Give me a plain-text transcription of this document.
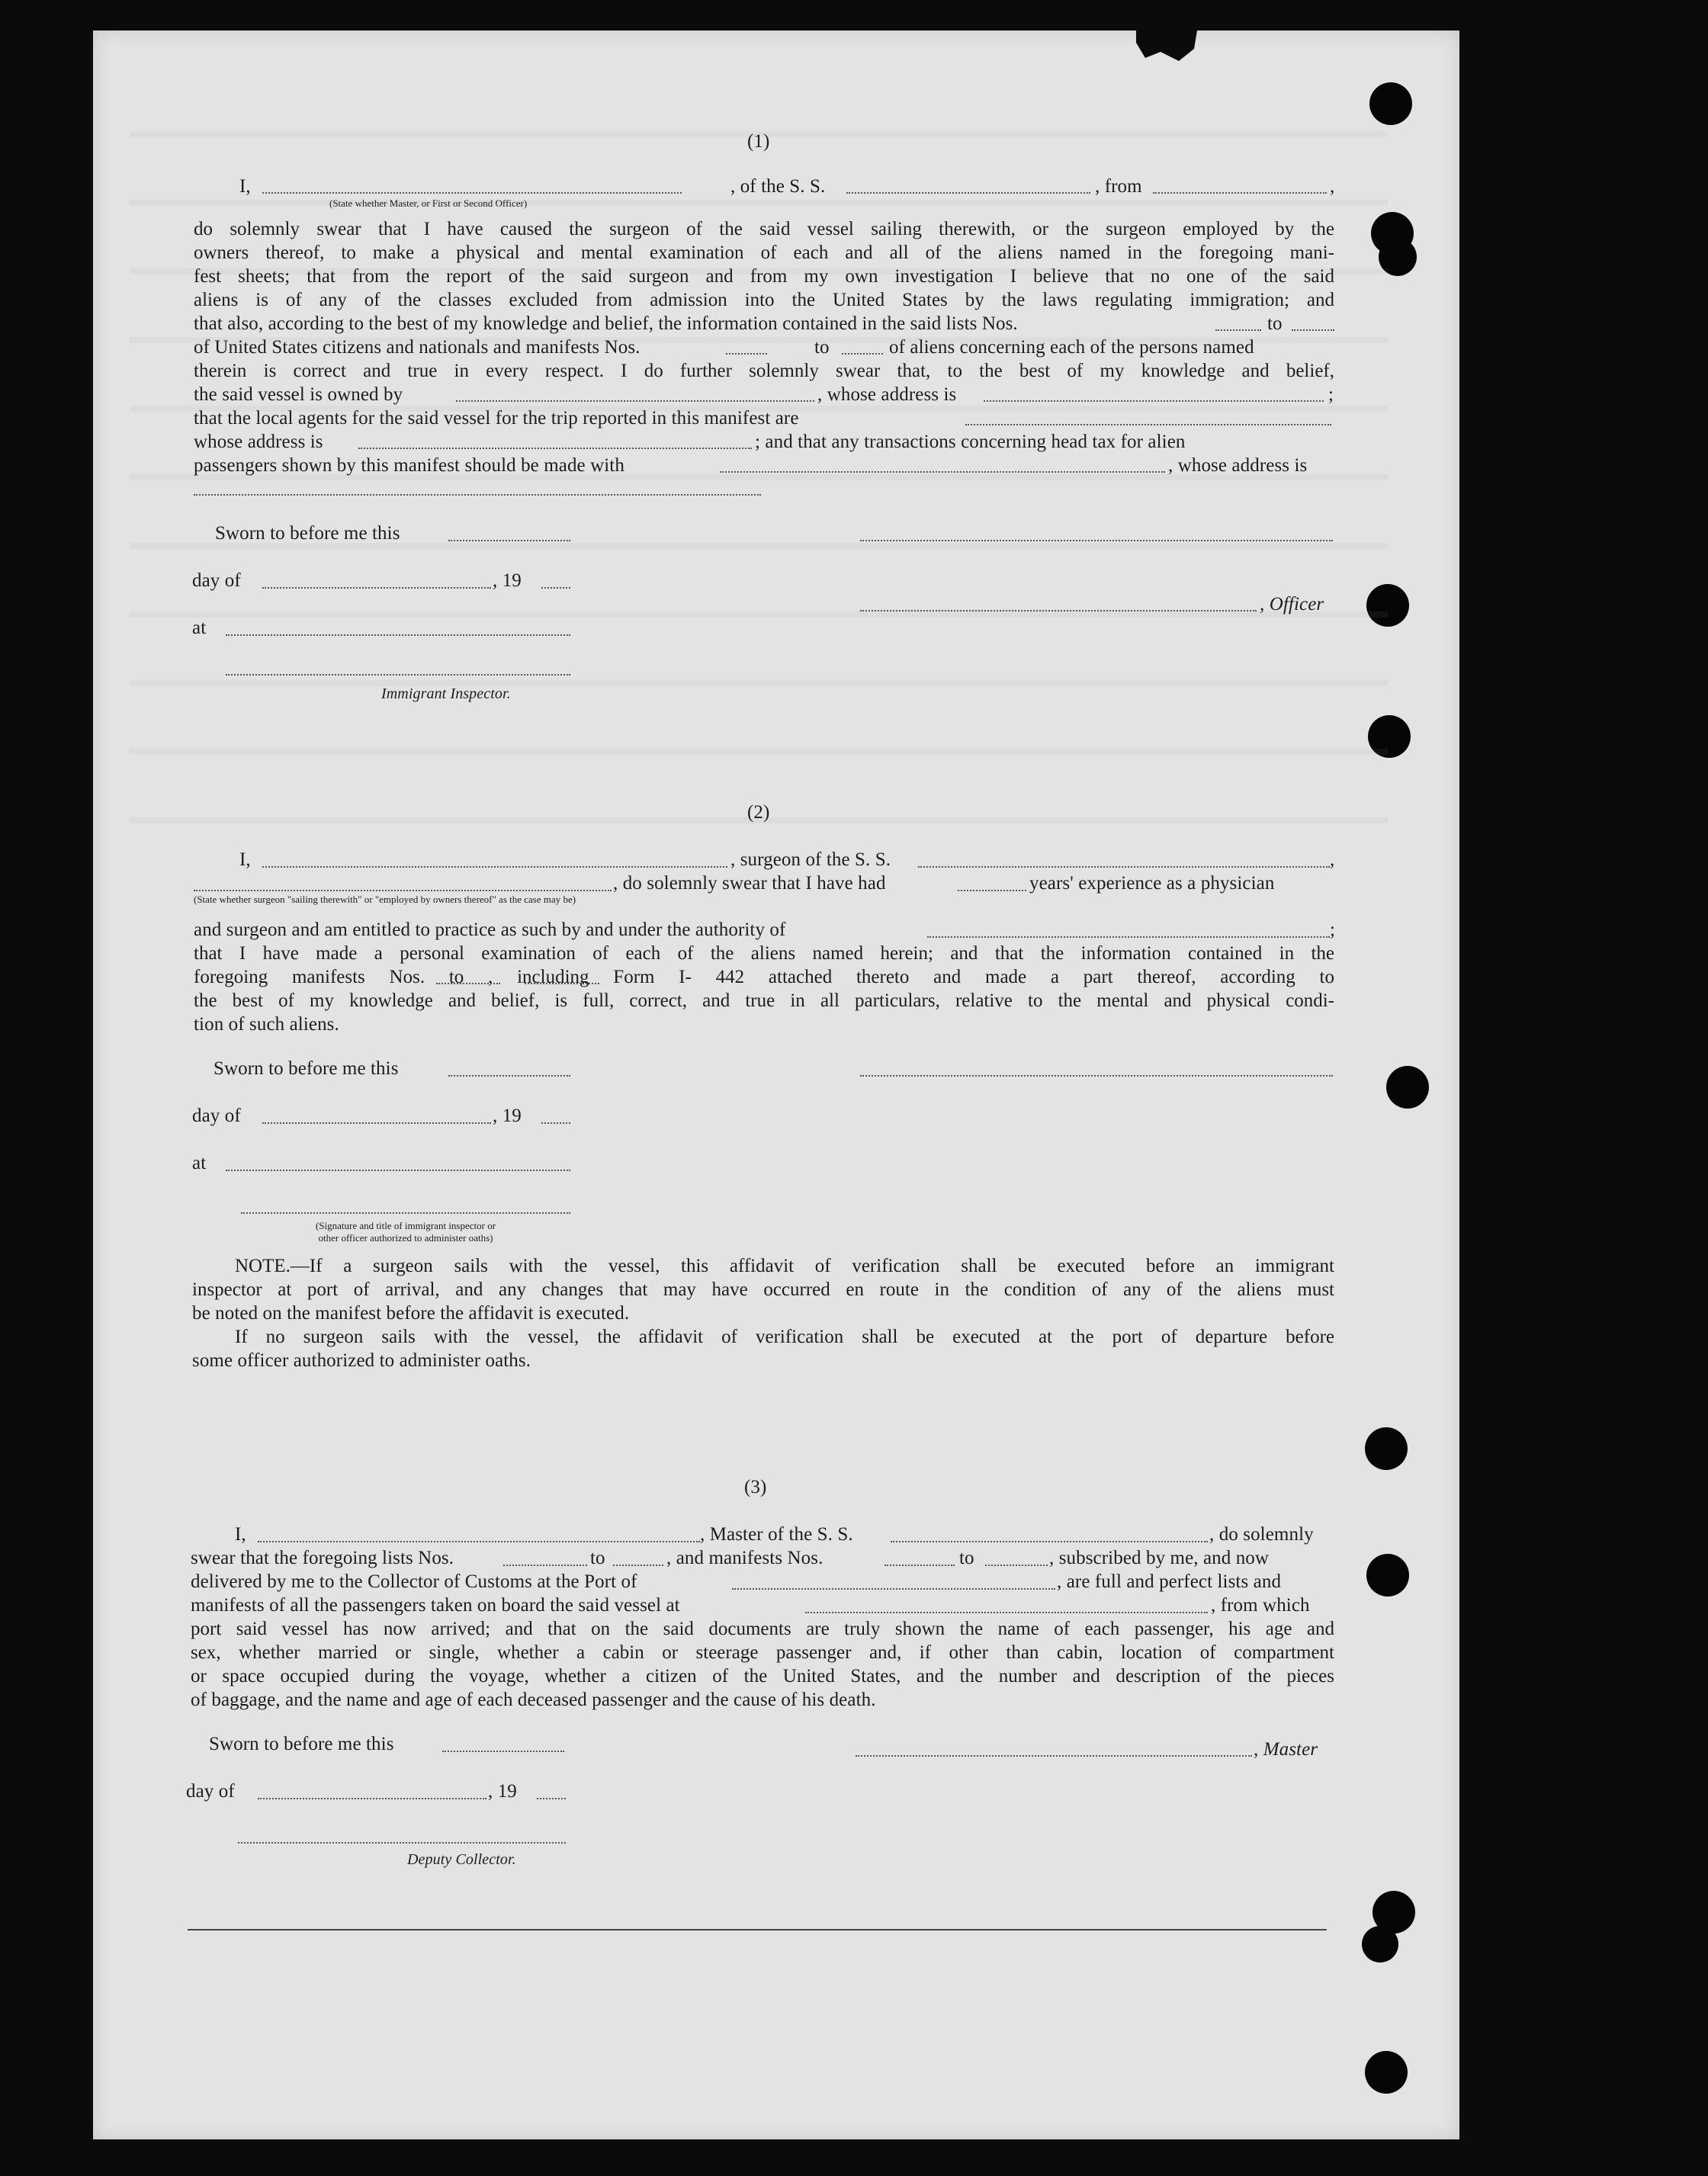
(1)
I,	, of the S. S.	, from	,
(State whether Master, or First or Second Officer)
do solemnly swear that I have caused the surgeon of the said vessel sailing therewith, or the surgeon employed by the
owners thereof, to make a physical and mental examination of each and all of the aliens named in the foregoing mani-
fest sheets; that from the report of the said surgeon and from my own investigation I believe that no one of the said
aliens is of any of the classes excluded from admission into the United States by the laws regulating immigration; and
that also, according to the best of my knowledge and belief, the information contained in the said lists Nos.	to
of United States citizens and nationals and manifests Nos.	to	of aliens concerning each of the persons named
therein is correct and true in every respect. I do further solemnly swear that, to the best of my knowledge and belief,
the said vessel is owned by	, whose address is	;
that the local agents for the said vessel for the trip reported in this manifest are
whose address is	; and that any transactions concerning head tax for alien
passengers shown by this manifest should be made with	, whose address is
Sworn to before me this
day of	, 19
, Officer
at
Immigrant Inspector.
(2)
I,	, surgeon of the S. S.	,
, do solemnly swear that I have had	years' experience as a physician
(State whether surgeon "sailing therewith" or "employed by owners thereof" as the case may be)
and surgeon and am entitled to practice as such by and under the authority of	;
that I have made a personal examination of each of the aliens named herein; and that the information contained in the
foregoing manifests Nos. to , including Form I- 442 attached thereto and made a part thereof, according to
the best of my knowledge and belief, is full, correct, and true in all particulars, relative to the mental and physical condi-
tion of such aliens.
Sworn to before me this
day of	, 19
at
(Signature and title of immigrant inspector or
other officer authorized to administer oaths)
NOTE.—If a surgeon sails with the vessel, this affidavit of verification shall be executed before an immigrant
inspector at port of arrival, and any changes that may have occurred en route in the condition of any of the aliens must
be noted on the manifest before the affidavit is executed.
If no surgeon sails with the vessel, the affidavit of verification shall be executed at the port of departure before
some officer authorized to administer oaths.
(3)
I,	, Master of the S. S.	, do solemnly
swear that the foregoing lists Nos.	to	, and manifests Nos.	to	, subscribed by me, and now
delivered by me to the Collector of Customs at the Port of	, are full and perfect lists and
manifests of all the passengers taken on board the said vessel at	, from which
port said vessel has now arrived; and that on the said documents are truly shown the name of each passenger, his age and
sex, whether married or single, whether a cabin or steerage passenger and, if other than cabin, location of compartment
or space occupied during the voyage, whether a citizen of the United States, and the number and description of the pieces
of baggage, and the name and age of each deceased passenger and the cause of his death.
Sworn to before me this	, Master
day of	, 19
Deputy Collector.
